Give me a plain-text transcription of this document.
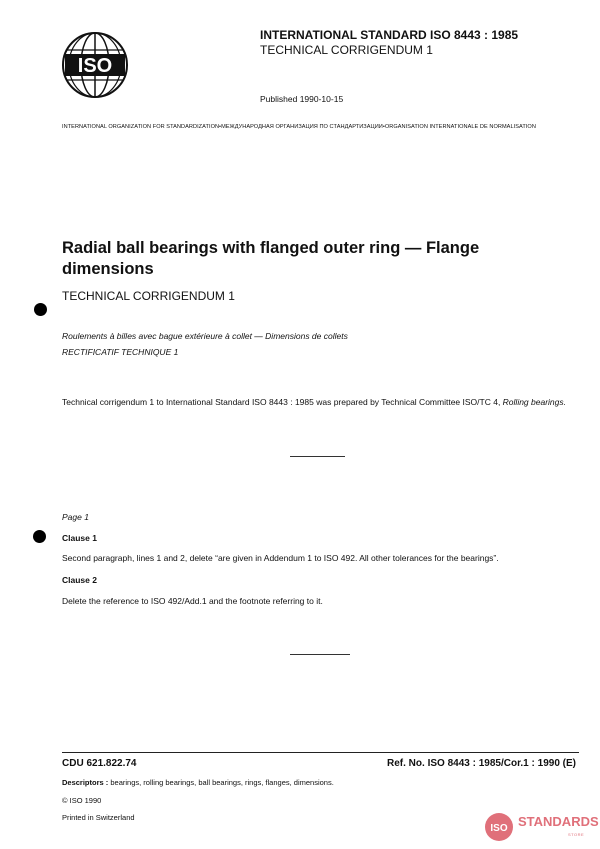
ISO
INTERNATIONAL STANDARD ISO 8443 : 1985
TECHNICAL CORRIGENDUM 1
Published 1990-10-15
INTERNATIONAL ORGANIZATION FOR STANDARDIZATION•МЕЖДУНАРОДНАЯ ОРГАНИЗАЦИЯ ПО СТАНДАРТИЗАЦИИ•ORGANISATION INTERNATIONALE DE NORMALISATION
Radial ball bearings with flanged outer ring — Flange dimensions
TECHNICAL CORRIGENDUM 1
Roulements à billes avec bague extérieure à collet — Dimensions de collets
RECTIFICATIF TECHNIQUE 1
Technical corrigendum 1 to International Standard ISO 8443 : 1985 was prepared by Technical Committee ISO/TC 4, Rolling bearings.
Page 1
Clause 1
Second paragraph, lines 1 and 2, delete “are given in Addendum 1 to ISO 492. All other tolerances for the bearings”.
Clause 2
Delete the reference to ISO 492/Add.1 and the footnote referring to it.
CDU 621.822.74	Ref. No. ISO 8443 : 1985/Cor.1 : 1990 (E)
Descriptors : bearings, rolling bearings, ball bearings, rings, flanges, dimensions.
© ISO 1990
Printed in Switzerland
ISO STANDARDS
STORE
